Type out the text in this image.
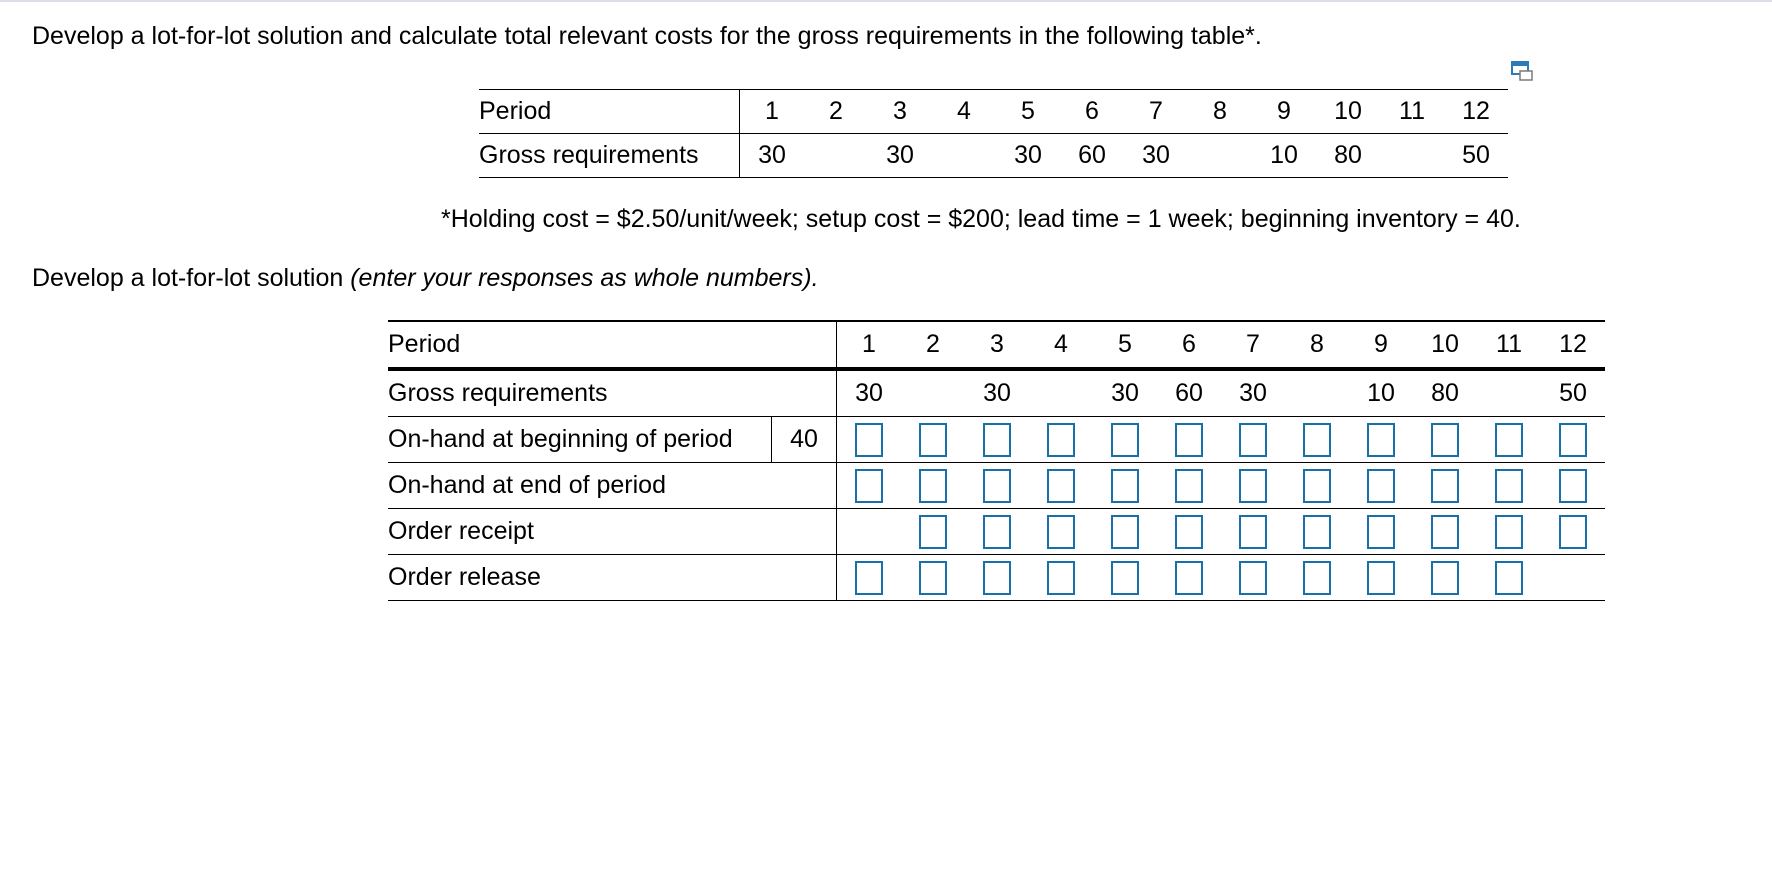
Develop a lot-for-lot solution and calculate total relevant costs for the gross requirements in the following table*.
Period	1	2	3	4	5	6	7	8	9	10	11	12
Gross requirements	30		30		30	60	30		10	80		50
*Holding cost = $2.50/unit/week; setup cost = $200; lead time = 1 week; beginning inventory = 40.
Develop a lot-for-lot solution (enter your responses as whole numbers).
Period		1	2	3	4	5	6	7	8	9	10	11	12
Gross requirements		30		30		30	60	30		10	80		50
On-hand at beginning of period	40												
On-hand at end of period													
Order receipt													
Order release													
